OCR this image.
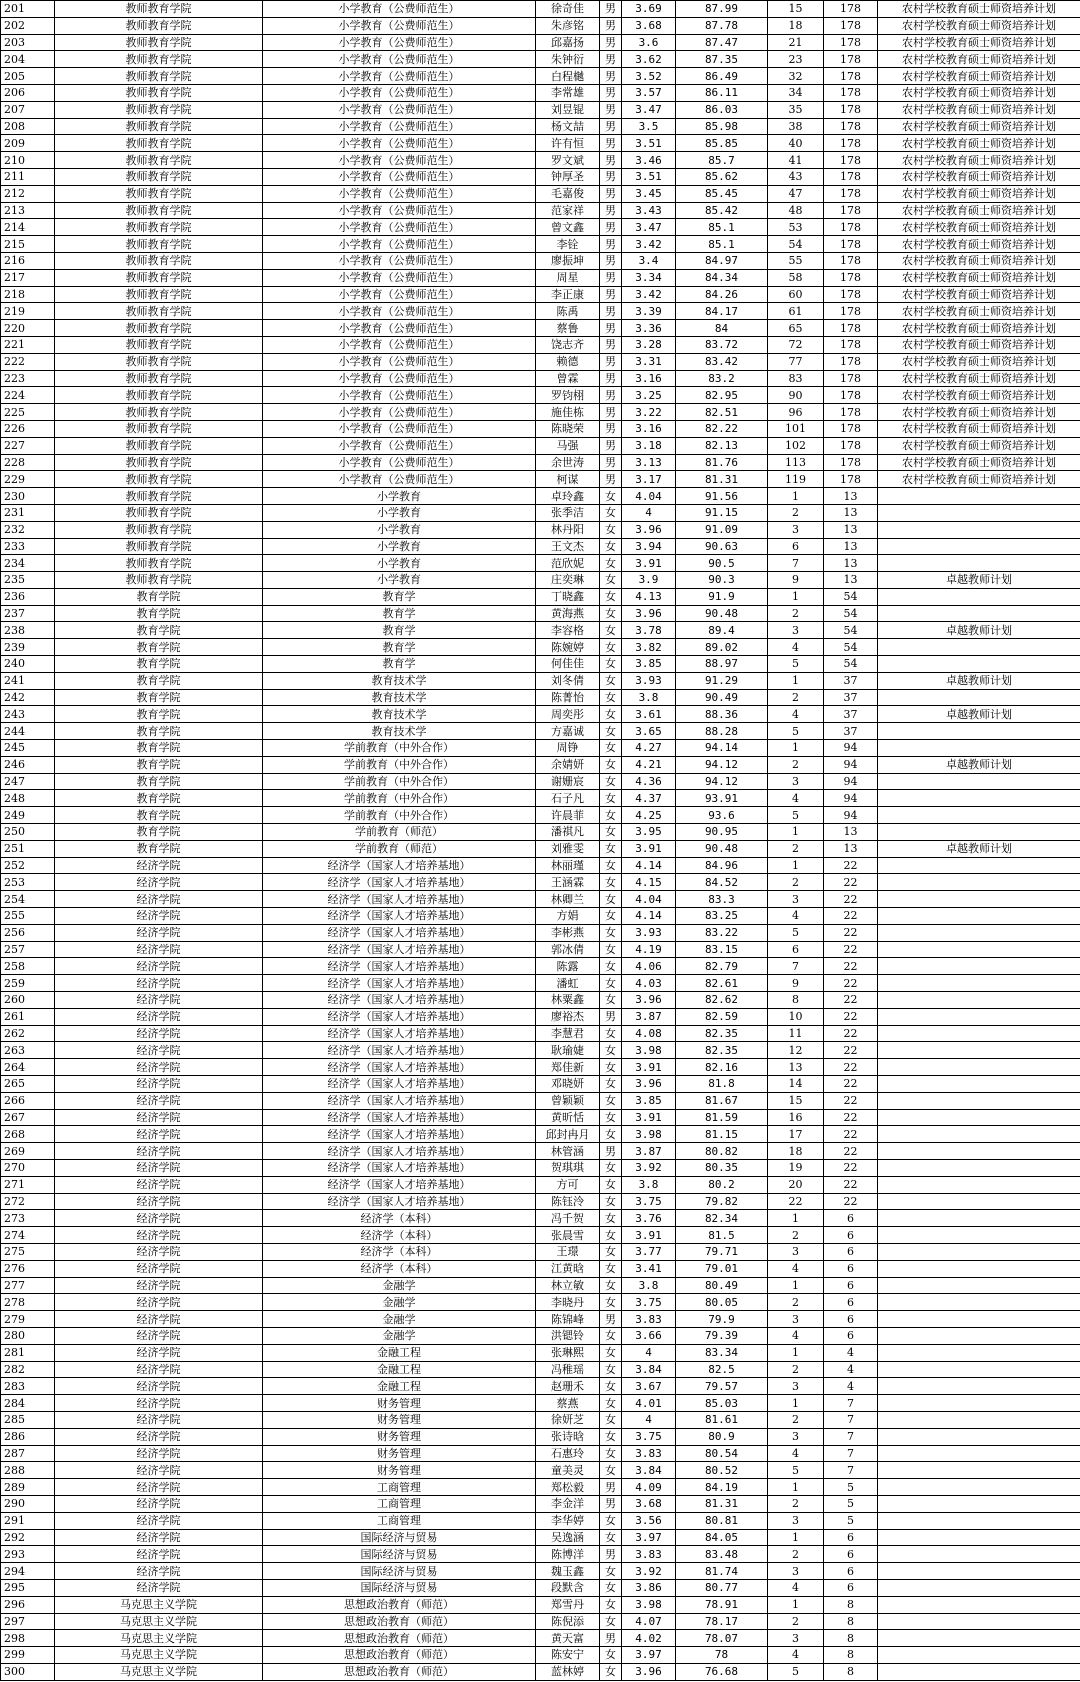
201	教师教育学院	小学教育（公费师范生）	徐奇佳	男	3.69	87.99	15	178	农村学校教育硕士师资培养计划
202	教师教育学院	小学教育（公费师范生）	朱彦铭	男	3.68	87.78	18	178	农村学校教育硕士师资培养计划
203	教师教育学院	小学教育（公费师范生）	邱嘉扬	男	3.6	87.47	21	178	农村学校教育硕士师资培养计划
204	教师教育学院	小学教育（公费师范生）	朱钟衍	男	3.62	87.35	23	178	农村学校教育硕士师资培养计划
205	教师教育学院	小学教育（公费师范生）	白程樾	男	3.52	86.49	32	178	农村学校教育硕士师资培养计划
206	教师教育学院	小学教育（公费师范生）	李常雄	男	3.57	86.11	34	178	农村学校教育硕士师资培养计划
207	教师教育学院	小学教育（公费师范生）	刘昱锟	男	3.47	86.03	35	178	农村学校教育硕士师资培养计划
208	教师教育学院	小学教育（公费师范生）	杨文喆	男	3.5	85.98	38	178	农村学校教育硕士师资培养计划
209	教师教育学院	小学教育（公费师范生）	许有恒	男	3.51	85.85	40	178	农村学校教育硕士师资培养计划
210	教师教育学院	小学教育（公费师范生）	罗文斌	男	3.46	85.7	41	178	农村学校教育硕士师资培养计划
211	教师教育学院	小学教育（公费师范生）	钟厚圣	男	3.51	85.62	43	178	农村学校教育硕士师资培养计划
212	教师教育学院	小学教育（公费师范生）	毛嘉俊	男	3.45	85.45	47	178	农村学校教育硕士师资培养计划
213	教师教育学院	小学教育（公费师范生）	范家祥	男	3.43	85.42	48	178	农村学校教育硕士师资培养计划
214	教师教育学院	小学教育（公费师范生）	曾文鑫	男	3.47	85.1	53	178	农村学校教育硕士师资培养计划
215	教师教育学院	小学教育（公费师范生）	李铨	男	3.42	85.1	54	178	农村学校教育硕士师资培养计划
216	教师教育学院	小学教育（公费师范生）	廖振坤	男	3.4	84.97	55	178	农村学校教育硕士师资培养计划
217	教师教育学院	小学教育（公费师范生）	周星	男	3.34	84.34	58	178	农村学校教育硕士师资培养计划
218	教师教育学院	小学教育（公费师范生）	李正康	男	3.42	84.26	60	178	农村学校教育硕士师资培养计划
219	教师教育学院	小学教育（公费师范生）	陈禹	男	3.39	84.17	61	178	农村学校教育硕士师资培养计划
220	教师教育学院	小学教育（公费师范生）	蔡鲁	男	3.36	84	65	178	农村学校教育硕士师资培养计划
221	教师教育学院	小学教育（公费师范生）	饶志齐	男	3.28	83.72	72	178	农村学校教育硕士师资培养计划
222	教师教育学院	小学教育（公费师范生）	赖德	男	3.31	83.42	77	178	农村学校教育硕士师资培养计划
223	教师教育学院	小学教育（公费师范生）	曾霖	男	3.16	83.2	83	178	农村学校教育硕士师资培养计划
224	教师教育学院	小学教育（公费师范生）	罗钧栩	男	3.25	82.95	90	178	农村学校教育硕士师资培养计划
225	教师教育学院	小学教育（公费师范生）	施佳栋	男	3.22	82.51	96	178	农村学校教育硕士师资培养计划
226	教师教育学院	小学教育（公费师范生）	陈晓荣	男	3.16	82.22	101	178	农村学校教育硕士师资培养计划
227	教师教育学院	小学教育（公费师范生）	马强	男	3.18	82.13	102	178	农村学校教育硕士师资培养计划
228	教师教育学院	小学教育（公费师范生）	余世涛	男	3.13	81.76	113	178	农村学校教育硕士师资培养计划
229	教师教育学院	小学教育（公费师范生）	柯谋	男	3.17	81.31	119	178	农村学校教育硕士师资培养计划
230	教师教育学院	小学教育	卓玲鑫	女	4.04	91.56	1	13	
231	教师教育学院	小学教育	张季洁	女	4	91.15	2	13	
232	教师教育学院	小学教育	林丹阳	女	3.96	91.09	3	13	
233	教师教育学院	小学教育	王文杰	女	3.94	90.63	6	13	
234	教师教育学院	小学教育	范欣妮	女	3.91	90.5	7	13	
235	教师教育学院	小学教育	庄奕琳	女	3.9	90.3	9	13	卓越教师计划
236	教育学院	教育学	丁晓鑫	女	4.13	91.9	1	54	
237	教育学院	教育学	黄海燕	女	3.96	90.48	2	54	
238	教育学院	教育学	李容格	女	3.78	89.4	3	54	卓越教师计划
239	教育学院	教育学	陈婉婷	女	3.82	89.02	4	54	
240	教育学院	教育学	何佳佳	女	3.85	88.97	5	54	
241	教育学院	教育技术学	刘冬倩	女	3.93	91.29	1	37	卓越教师计划
242	教育学院	教育技术学	陈菁怡	女	3.8	90.49	2	37	
243	教育学院	教育技术学	周奕彤	女	3.61	88.36	4	37	卓越教师计划
244	教育学院	教育技术学	方嘉诚	女	3.65	88.28	5	37	
245	教育学院	学前教育（中外合作）	周铮	女	4.27	94.14	1	94	
246	教育学院	学前教育（中外合作）	余婧妍	女	4.21	94.12	2	94	卓越教师计划
247	教育学院	学前教育（中外合作）	谢姗宸	女	4.36	94.12	3	94	
248	教育学院	学前教育（中外合作）	石子凡	女	4.37	93.91	4	94	
249	教育学院	学前教育（中外合作）	许晨菲	女	4.25	93.6	5	94	
250	教育学院	学前教育（师范）	潘祺凡	女	3.95	90.95	1	13	
251	教育学院	学前教育（师范）	刘雅雯	女	3.91	90.48	2	13	卓越教师计划
252	经济学院	经济学（国家人才培养基地）	林丽瑾	女	4.14	84.96	1	22	
253	经济学院	经济学（国家人才培养基地）	王涵霖	女	4.15	84.52	2	22	
254	经济学院	经济学（国家人才培养基地）	林卿兰	女	4.04	83.3	3	22	
255	经济学院	经济学（国家人才培养基地）	方娟	女	4.14	83.25	4	22	
256	经济学院	经济学（国家人才培养基地）	李彬燕	女	3.93	83.22	5	22	
257	经济学院	经济学（国家人才培养基地）	郭冰倩	女	4.19	83.15	6	22	
258	经济学院	经济学（国家人才培养基地）	陈露	女	4.06	82.79	7	22	
259	经济学院	经济学（国家人才培养基地）	潘虹	女	4.03	82.61	9	22	
260	经济学院	经济学（国家人才培养基地）	林粟鑫	女	3.96	82.62	8	22	
261	经济学院	经济学（国家人才培养基地）	廖裕杰	男	3.87	82.59	10	22	
262	经济学院	经济学（国家人才培养基地）	李慧君	女	4.08	82.35	11	22	
263	经济学院	经济学（国家人才培养基地）	耿瑜婕	女	3.98	82.35	12	22	
264	经济学院	经济学（国家人才培养基地）	郑佳新	女	3.91	82.16	13	22	
265	经济学院	经济学（国家人才培养基地）	邓晓妍	女	3.96	81.8	14	22	
266	经济学院	经济学（国家人才培养基地）	曾颖颖	女	3.85	81.67	15	22	
267	经济学院	经济学（国家人才培养基地）	黄昕恬	女	3.91	81.59	16	22	
268	经济学院	经济学（国家人才培养基地）	邱封冉月	女	3.98	81.15	17	22	
269	经济学院	经济学（国家人才培养基地）	林管涵	男	3.87	80.82	18	22	
270	经济学院	经济学（国家人才培养基地）	贺琪琪	女	3.92	80.35	19	22	
271	经济学院	经济学（国家人才培养基地）	方可	女	3.8	80.2	20	22	
272	经济学院	经济学（国家人才培养基地）	陈钰泠	女	3.75	79.82	22	22	
273	经济学院	经济学（本科）	冯千贺	女	3.76	82.34	1	6	
274	经济学院	经济学（本科）	张晨雪	女	3.91	81.5	2	6	
275	经济学院	经济学（本科）	王璟	女	3.77	79.71	3	6	
276	经济学院	经济学（本科）	江黄晗	女	3.41	79.01	4	6	
277	经济学院	金融学	林立敏	女	3.8	80.49	1	6	
278	经济学院	金融学	李晓丹	女	3.75	80.05	2	6	
279	经济学院	金融学	陈锦峰	男	3.83	79.9	3	6	
280	经济学院	金融学	洪锶铃	女	3.66	79.39	4	6	
281	经济学院	金融工程	张琳熙	女	4	83.34	1	4	
282	经济学院	金融工程	冯稚瑶	女	3.84	82.5	2	4	
283	经济学院	金融工程	赵珊禾	女	3.67	79.57	3	4	
284	经济学院	财务管理	蔡燕	女	4.01	85.03	1	7	
285	经济学院	财务管理	徐妍芝	女	4	81.61	2	7	
286	经济学院	财务管理	张诗晗	女	3.75	80.9	3	7	
287	经济学院	财务管理	石惠玲	女	3.83	80.54	4	7	
288	经济学院	财务管理	童美灵	女	3.84	80.52	5	7	
289	经济学院	工商管理	郑松毅	男	4.09	84.19	1	5	
290	经济学院	工商管理	李金洋	男	3.68	81.31	2	5	
291	经济学院	工商管理	李华婷	女	3.56	80.81	3	5	
292	经济学院	国际经济与贸易	吴逸涵	女	3.97	84.05	1	6	
293	经济学院	国际经济与贸易	陈博洋	男	3.83	83.48	2	6	
294	经济学院	国际经济与贸易	魏玉鑫	女	3.92	81.74	3	6	
295	经济学院	国际经济与贸易	段默含	女	3.86	80.77	4	6	
296	马克思主义学院	思想政治教育（师范）	郑雪丹	女	3.98	78.91	1	8	
297	马克思主义学院	思想政治教育（师范）	陈倪添	女	4.07	78.17	2	8	
298	马克思主义学院	思想政治教育（师范）	黄天富	男	4.02	78.07	3	8	
299	马克思主义学院	思想政治教育（师范）	陈安宁	女	3.97	78	4	8	
300	马克思主义学院	思想政治教育（师范）	蓝林婷	女	3.96	76.68	5	8	
